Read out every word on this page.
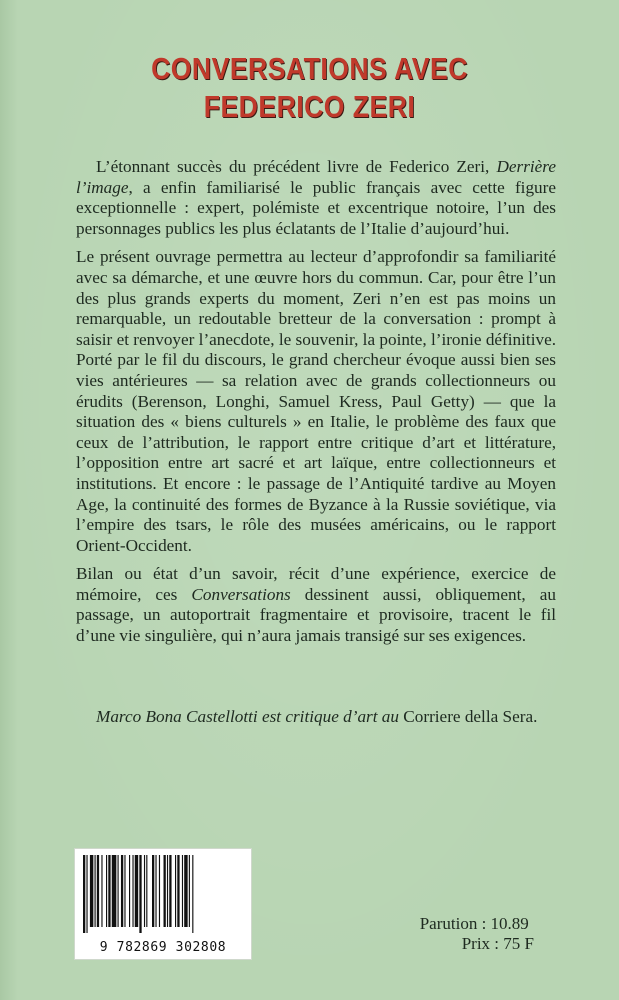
CONVERSATIONS AVEC
FEDERICO ZERI

L’étonnant succès du précédent livre de Federico Zeri, Derrière l’image, a enfin familiarisé le public français avec cette figure exceptionnelle : expert, polémiste et excentrique notoire, l’un des personnages publics les plus éclatants de l’Italie d’aujourd’hui.

Le présent ouvrage permettra au lecteur d’approfondir sa familiarité avec sa démarche, et une œuvre hors du commun. Car, pour être l’un des plus grands experts du moment, Zeri n’en est pas moins un remarquable, un redoutable bretteur de la conversation : prompt à saisir et renvoyer l’anecdote, le souvenir, la pointe, l’ironie définitive. Porté par le fil du discours, le grand chercheur évoque aussi bien ses vies antérieures — sa relation avec de grands collectionneurs ou érudits (Berenson, Longhi, Samuel Kress, Paul Getty) — que la situation des « biens culturels » en Italie, le problème des faux que ceux de l’attribution, le rapport entre critique d’art et littérature, l’opposition entre art sacré et art laïque, entre collectionneurs et institutions. Et encore : le passage de l’Antiquité tardive au Moyen Age, la continuité des formes de Byzance à la Russie soviétique, via l’empire des tsars, le rôle des musées américains, ou le rapport Orient-Occident.

Bilan ou état d’un savoir, récit d’une expérience, exercice de mémoire, ces Conversations dessinent aussi, obliquement, au passage, un autoportrait fragmentaire et provisoire, tracent le fil d’une vie singulière, qui n’aura jamais transigé sur ses exigences.

Marco Bona Castellotti est critique d’art au Corriere della Sera.
9 782869 302808
Parution : 10.89
Prix : 75 F
